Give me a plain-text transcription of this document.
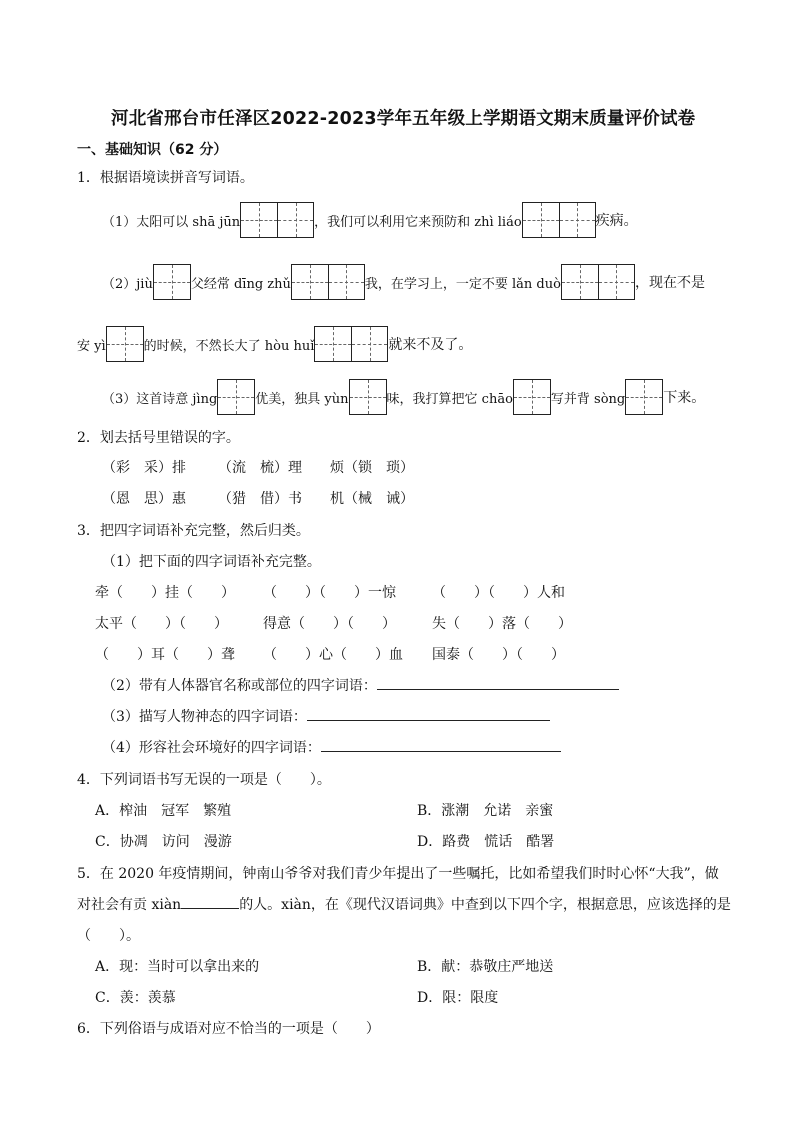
河北省邢台市任泽区2022-2023学年五年级上学期语文期末质量评价试卷
一、基础知识（62 分）
1．根据语境读拼音写词语。
（1）太阳可以 shā jūn	，我们可以利用它来预防和 zhì liáo	疾病。
（2）jiù	父经常 dīng zhǔ	我，在学习上，一定不要 lǎn duò	，现在不是
安 yì	的时候，不然长大了 hòu huǐ	就来不及了。
（3）这首诗意 jìng	优美，独具 yùn	味，我打算把它 chāo	写并背 sòng	下来。
2．划去括号里错误的字。
（彩　采）排 （流　梳）理 烦（锁　琐）
（恩　思）惠 （猎　借）书 机（械　诫）
3．把四字词语补充完整，然后归类。
（1）把下面的四字词语补充完整。
牵（　　）挂（　　） （　　）（　　）一惊	（　　）（　　）人和
太平（　　）（　　）	得意（　　）（　　）	失（　　）落（　　）
（　　）耳（　　）聋 （　　）心（　　）血 国泰（　　）（　　）
（2）带有人体器官名称或部位的四字词语：
（3）描写人物神态的四字词语：
（4）形容社会环境好的四字词语：
4．下列词语书写无误的一项是（　　）。
A．榨油　冠军　繁殖	B．涨潮　允诺　亲蜜
C．协凋　访问　漫游	D．路费　慌话　酷署
5．在 2020 年疫情期间，钟南山爷爷对我们青少年提出了一些嘱托，比如希望我们时时心怀“大我”，做
对社会有贡 xiàn	的人。xiàn，在《现代汉语词典》中查到以下四个字，根据意思，应该选择的是
（　　）。
A．现：当时可以拿出来的	B．献：恭敬庄严地送
C．羡：羡慕	D．限：限度
6．下列俗语与成语对应不恰当的一项是（　　）
